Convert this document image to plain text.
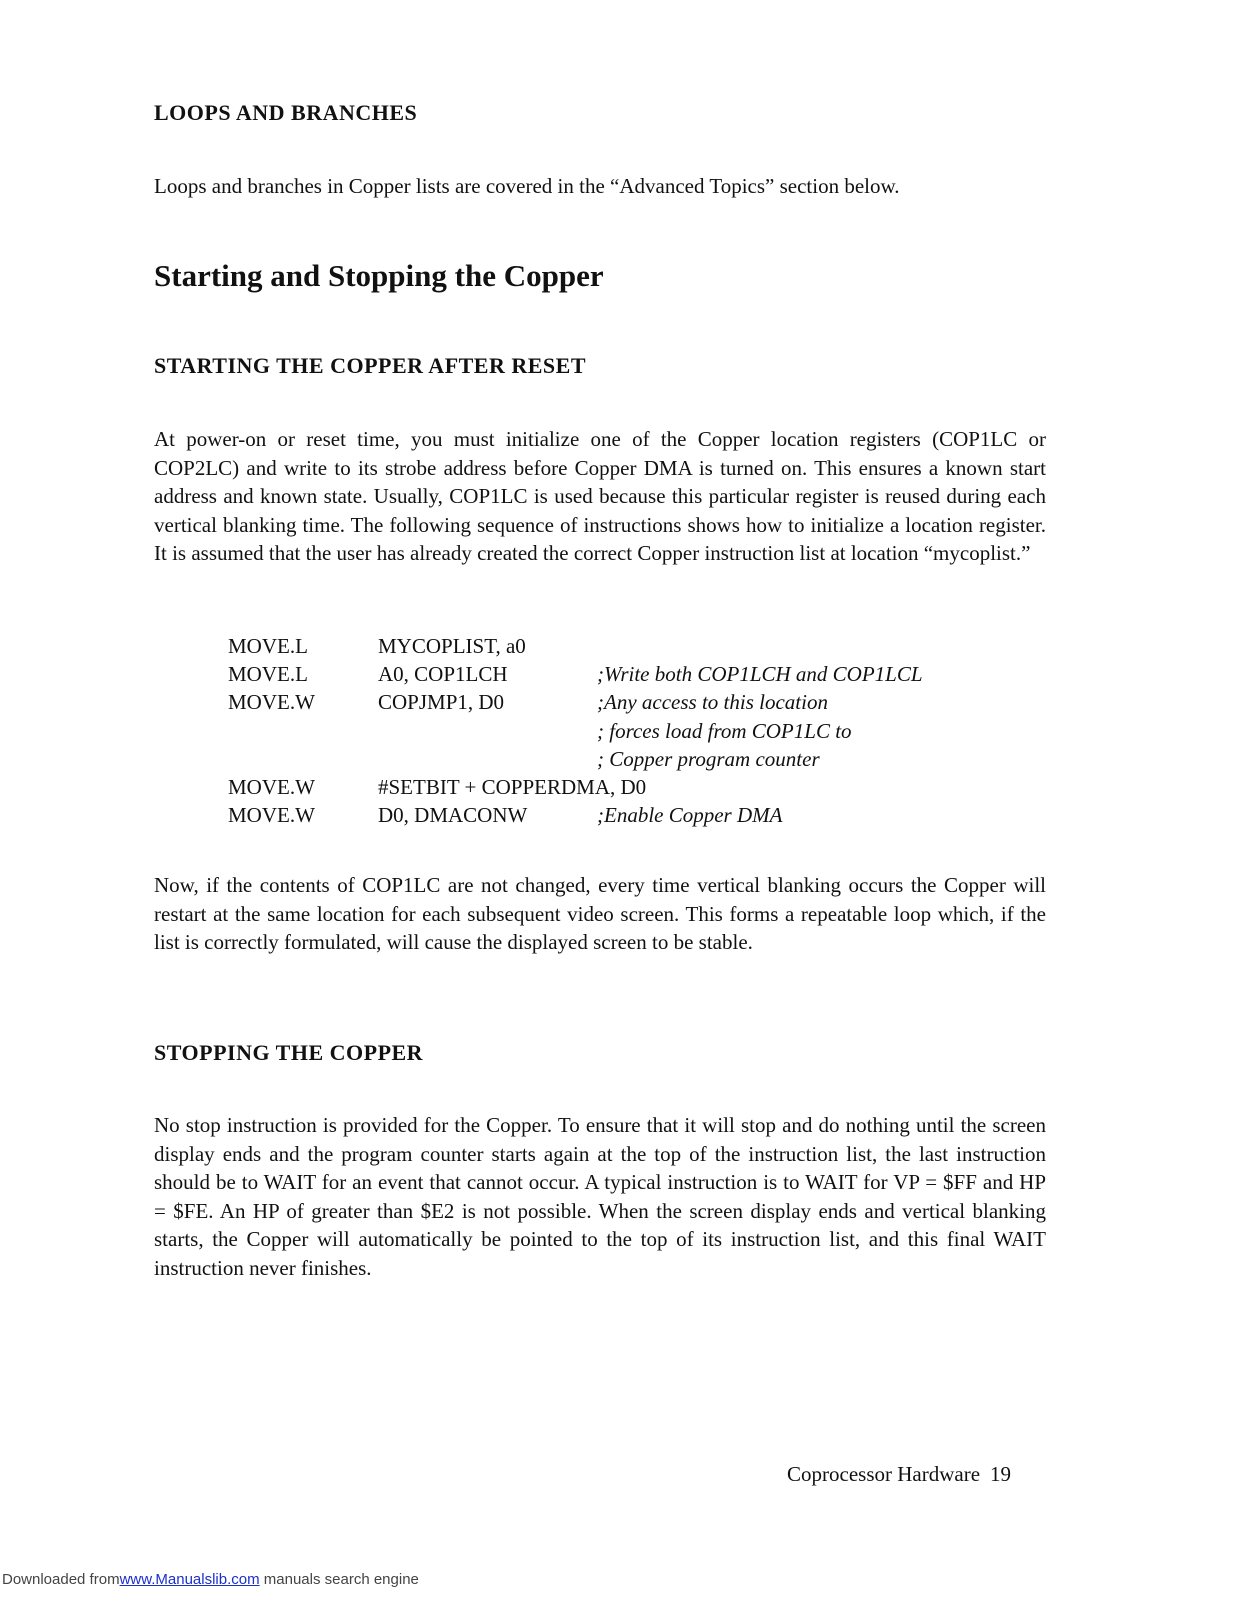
LOOPS AND BRANCHES

Loops and branches in Copper lists are covered in the “Advanced Topics” section below.

Starting and Stopping the Copper
STARTING THE COPPER AFTER RESET

At power-on or reset time, you must initialize one of the Copper location registers (COP1LC or COP2LC) and write to its strobe address before Copper DMA is turned on. This ensures a known start address and known state. Usually, COP1LC is used because this particular register is reused during each vertical blanking time. The following sequence of instructions shows how to initialize a location register. It is assumed that the user has already created the correct Copper instruction list at location “mycoplist.”

MOVE.L	MYCOPLIST, a0
MOVE.L	A0, COP1LCH	;Write both COP1LCH and COP1LCL
MOVE.W	COPJMP1, D0	;Any access to this location
; forces load from COP1LC to
; Copper program counter
MOVE.W	#SETBIT + COPPERDMA, D0
MOVE.W	D0, DMACONW	;Enable Copper DMA

Now, if the contents of COP1LC are not changed, every time vertical blanking occurs the Copper will restart at the same location for each subsequent video screen. This forms a repeatable loop which, if the list is correctly formulated, will cause the displayed screen to be stable.

STOPPING THE COPPER

No stop instruction is provided for the Copper. To ensure that it will stop and do nothing until the screen display ends and the program counter starts again at the top of the instruction list, the last instruction should be to WAIT for an event that cannot occur. A typical instruction is to WAIT for VP = $FF and HP = $FE. An HP of greater than $E2 is not possible. When the screen display ends and vertical blanking starts, the Copper will automatically be pointed to the top of its instruction list, and this final WAIT instruction never finishes.

Coprocessor Hardware 19
Downloaded fromwww.Manualslib.com manuals search engine
